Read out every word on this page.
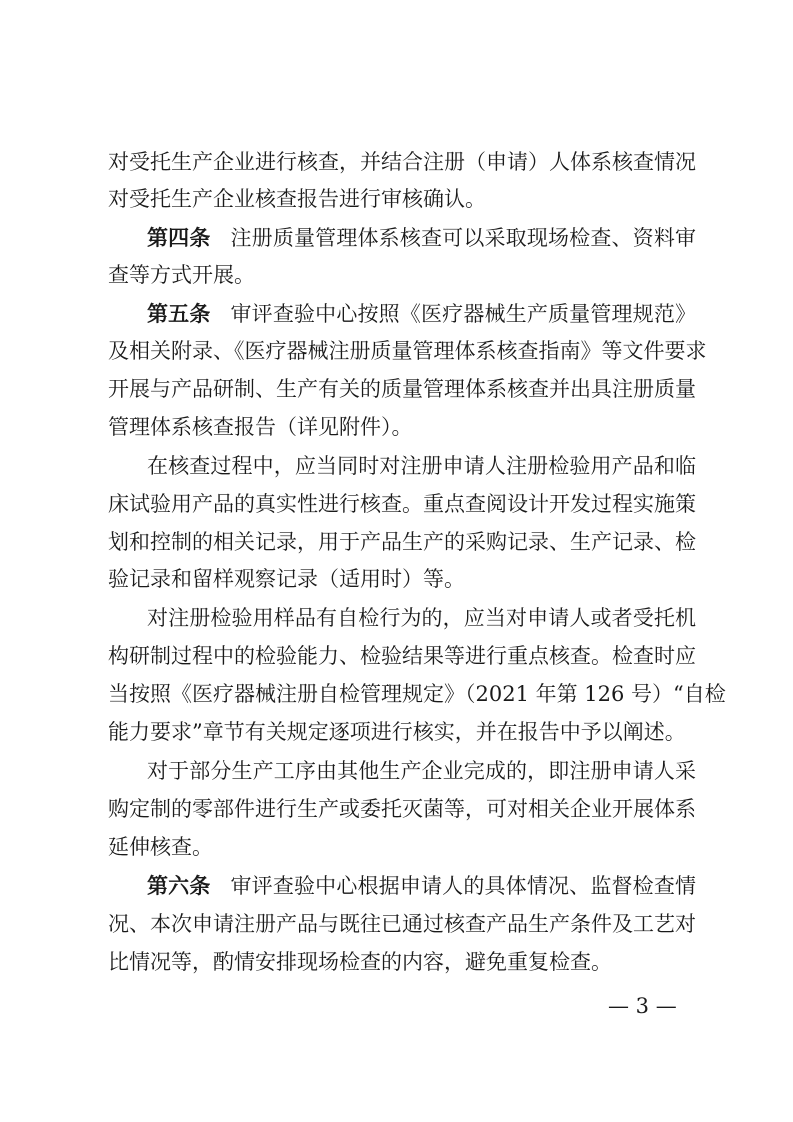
对受托生产企业进行核查，并结合注册（申请）人体系核查情况
对受托生产企业核查报告进行审核确认。
第四条 注册质量管理体系核查可以采取现场检查、资料审
查等方式开展。
第五条 审评查验中心按照《医疗器械生产质量管理规范》
及相关附录、《医疗器械注册质量管理体系核查指南》等文件要求
开展与产品研制、生产有关的质量管理体系核查并出具注册质量
管理体系核查报告（详见附件）。
在核查过程中，应当同时对注册申请人注册检验用产品和临
床试验用产品的真实性进行核查。重点查阅设计开发过程实施策
划和控制的相关记录，用于产品生产的采购记录、生产记录、检
验记录和留样观察记录（适用时）等。
对注册检验用样品有自检行为的，应当对申请人或者受托机
构研制过程中的检验能力、检验结果等进行重点核查。检查时应
当按照《医疗器械注册自检管理规定》（2021 年第 126 号）“自检
能力要求”章节有关规定逐项进行核实，并在报告中予以阐述。
对于部分生产工序由其他生产企业完成的，即注册申请人采
购定制的零部件进行生产或委托灭菌等，可对相关企业开展体系
延伸核查。
第六条 审评查验中心根据申请人的具体情况、监督检查情
况、本次申请注册产品与既往已通过核查产品生产条件及工艺对
比情况等，酌情安排现场检查的内容，避免重复检查。
— 3 —
